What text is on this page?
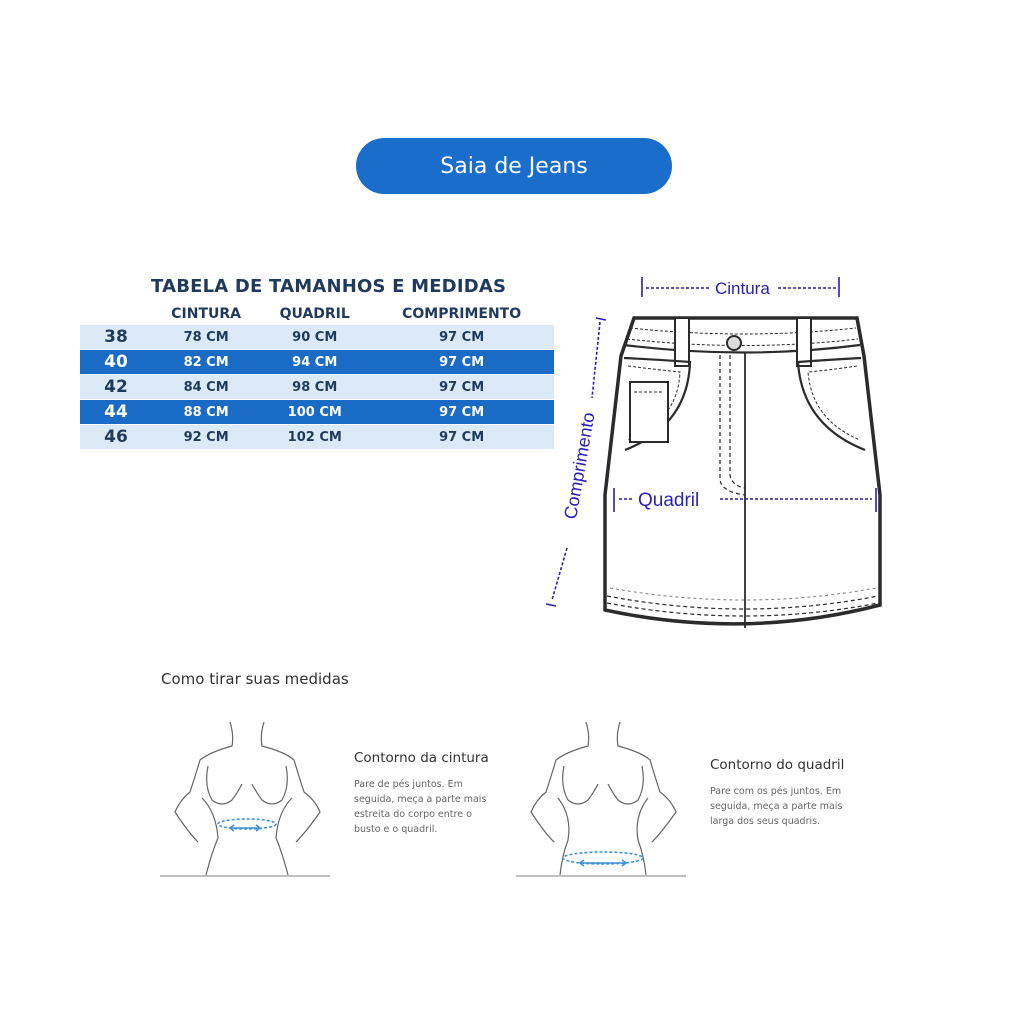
Saia de Jeans
TABELA DE TAMANHOS E MEDIDAS
	CINTURA	QUADRIL	COMPRIMENTO
38	78 CM	90 CM	97 CM
40	82 CM	94 CM	97 CM
42	84 CM	98 CM	97 CM
44	88 CM	100 CM	97 CM
46	92 CM	102 CM	97 CM
Cintura
Quadril
Comprimento
Como tirar suas medidas
Contorno da cintura
Pare de pés juntos. Em
seguida, meça a parte mais
estreita do corpo entre o
busto e o quadril.
Contorno do quadril
Pare com os pés juntos. Em
seguida, meça a parte mais
larga dos seus quadris.
